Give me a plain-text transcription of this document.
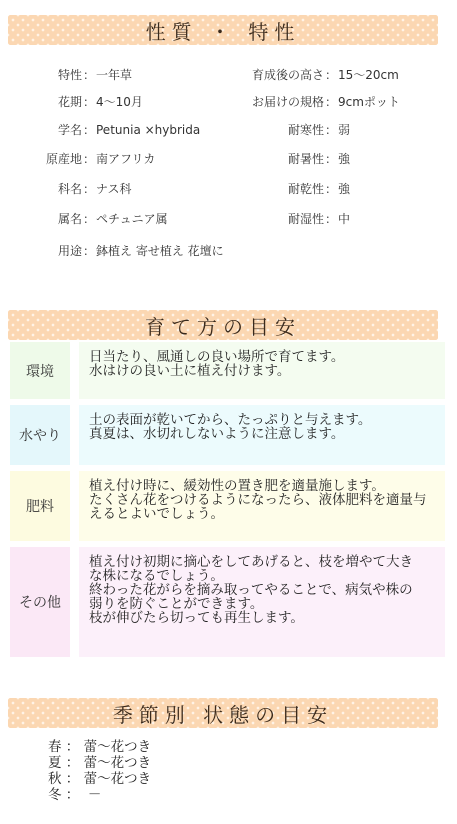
性質 ・ 特性
特性：一年草
花期：4～10月
学名：Petunia ×hybrida
原産地：南アフリカ
科名：ナス科
属名：ペチュニア属
用途：鉢植え 寄せ植え 花壇に
育成後の高さ：15～20cm
お届けの規格：9cmポット
耐寒性：弱
耐暑性：強
耐乾性：強
耐湿性：中
育て方の目安
環境
日当たり、風通しの良い場所で育てます。
水はけの良い土に植え付けます。
水やり
土の表面が乾いてから、たっぷりと与えます。
真夏は、水切れしないように注意します。
肥料
植え付け時に、緩効性の置き肥を適量施します。
たくさん花をつけるようになったら、液体肥料を適量与
えるとよいでしょう。
その他
植え付け初期に摘心をしてあげると、枝を増やて大き
な株になるでしょう。
終わった花がらを摘み取ってやることで、病気や株の
弱りを防ぐことができます。
枝が伸びたら切っても再生します。
季節別 状態の目安
春 ： 蕾～花つき
夏 ： 蕾～花つき
秋 ： 蕾～花つき
冬 ：  －
